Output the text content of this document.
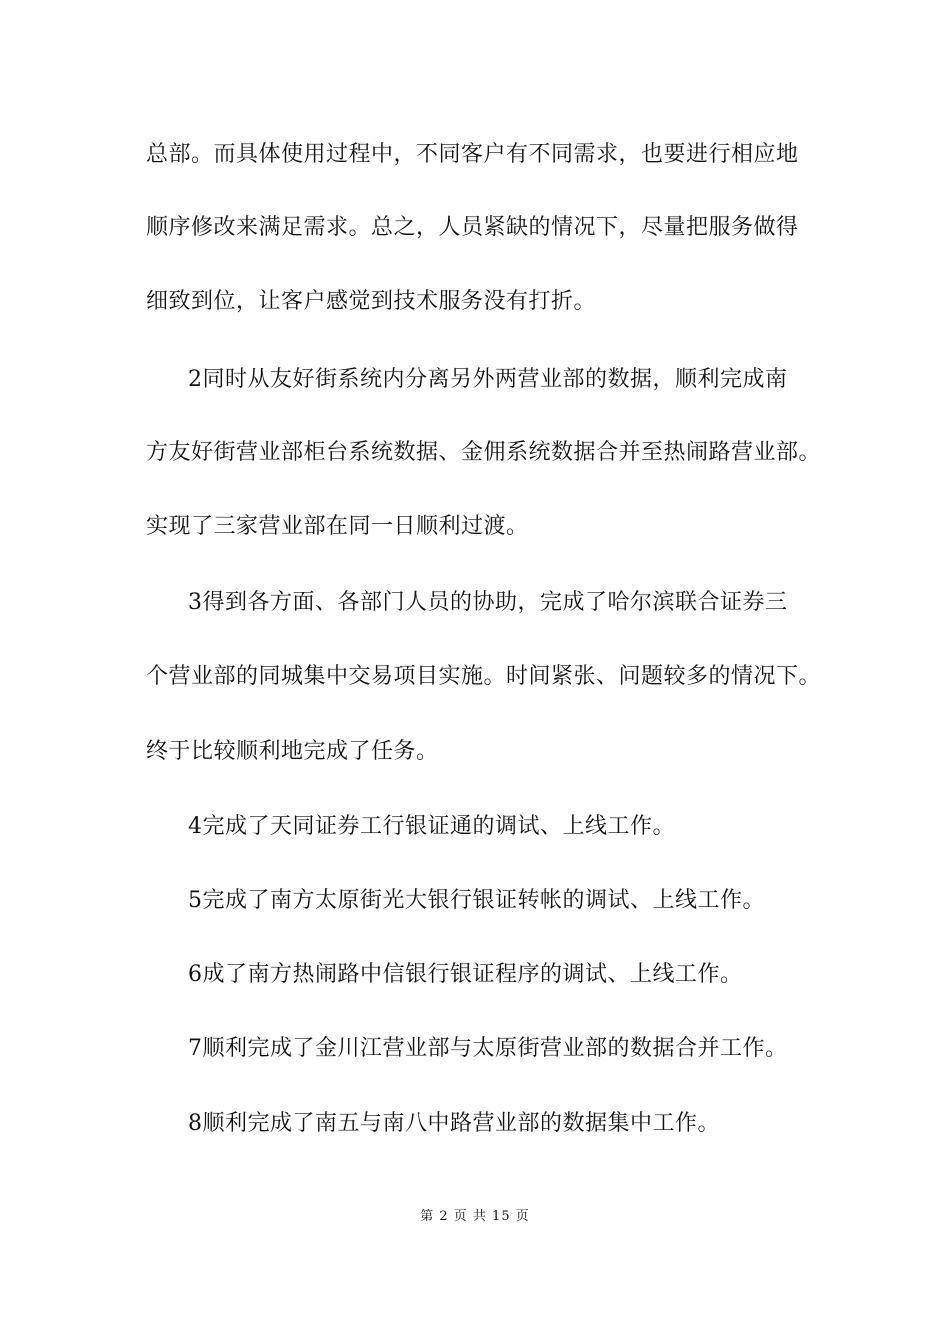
总部。而具体使用过程中，不同客户有不同需求，也要进行相应地
顺序修改来满足需求。总之，人员紧缺的情况下，尽量把服务做得
细致到位，让客户感觉到技术服务没有打折。
2同时从友好街系统内分离另外两营业部的数据，顺利完成南
方友好街营业部柜台系统数据、金佣系统数据合并至热闹路营业部。
实现了三家营业部在同一日顺利过渡。
3得到各方面、各部门人员的协助，完成了哈尔滨联合证券三
个营业部的同城集中交易项目实施。时间紧张、问题较多的情况下。
终于比较顺利地完成了任务。
4完成了天同证券工行银证通的调试、上线工作。
5完成了南方太原街光大银行银证转帐的调试、上线工作。
6成了南方热闹路中信银行银证程序的调试、上线工作。
7顺利完成了金川江营业部与太原街营业部的数据合并工作。
8顺利完成了南五与南八中路营业部的数据集中工作。
第 2 页 共 15 页
